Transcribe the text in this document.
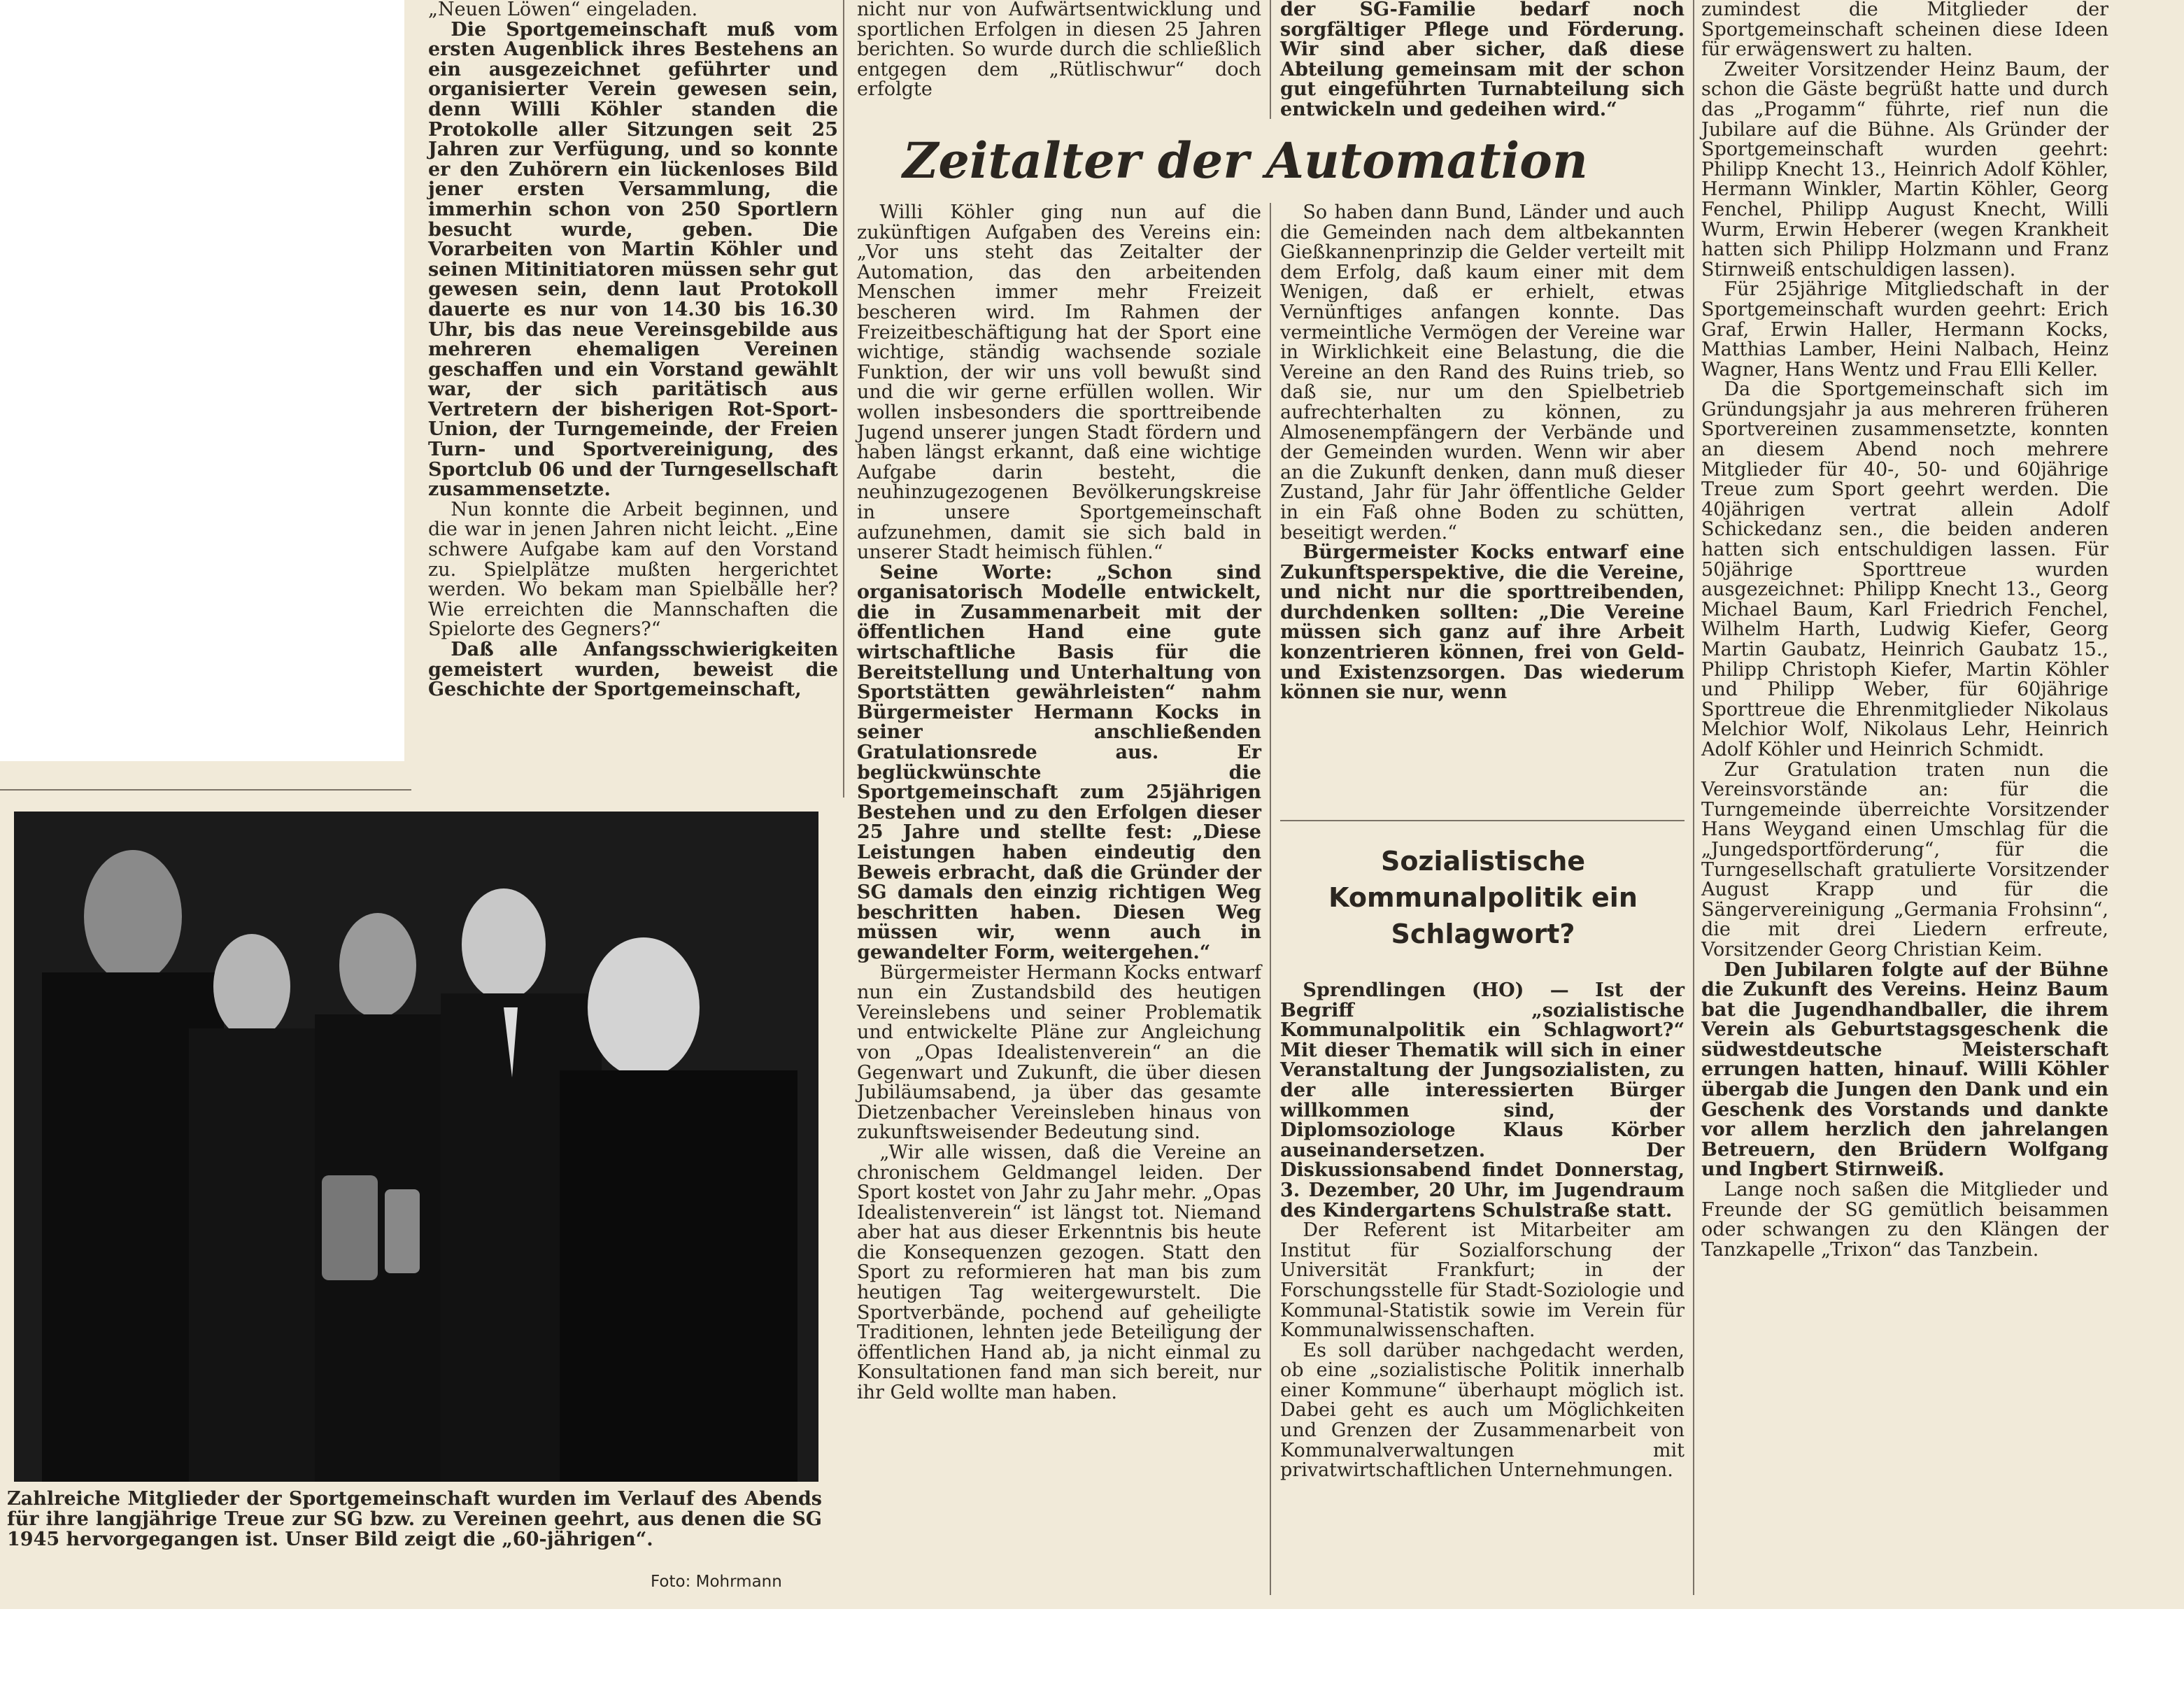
„Neuen Löwen“ eingeladen.

Die Sportgemeinschaft muß vom ersten Augenblick ihres Bestehens an ein ausgezeichnet geführter und organisierter Verein gewesen sein, denn Willi Köhler standen die Protokolle aller Sitzungen seit 25 Jahren zur Verfügung, und so konnte er den Zuhörern ein lückenloses Bild jener ersten Versammlung, die immerhin schon von 250 Sportlern besucht wurde, geben. Die Vorarbeiten von Martin Köhler und seinen Mitinitiatoren müssen sehr gut gewesen sein, denn laut Protokoll dauerte es nur von 14.30 bis 16.30 Uhr, bis das neue Vereinsgebilde aus mehreren ehemaligen Vereinen geschaffen und ein Vorstand gewählt war, der sich paritätisch aus Vertretern der bisherigen Rot-Sport-Union, der Turngemeinde, der Freien Turn- und Sportvereinigung, des Sportclub 06 und der Turngesellschaft zusammensetzte.

Nun konnte die Arbeit beginnen, und die war in jenen Jahren nicht leicht. „Eine schwere Aufgabe kam auf den Vorstand zu. Spielplätze mußten hergerichtet werden. Wo bekam man Spielbälle her? Wie erreichten die Mannschaften die Spielorte des Gegners?“

Daß alle Anfangsschwierigkeiten gemeistert wurden, beweist die Geschichte der Sportgemeinschaft,

Zahlreiche Mitglieder der Sportgemeinschaft wurden im Verlauf des Abends für ihre langjährige Treue zur SG bzw. zu Vereinen geehrt, aus denen die SG 1945 hervorgegangen ist. Unser Bild zeigt die „60-jährigen“.
Foto: Mohrmann

nicht nur von Aufwärtsentwicklung und sportlichen Erfolgen in diesen 25 Jahren berichten. So wurde durch die schließlich entgegen dem „Rütlischwur“ doch erfolgte

der SG-Familie bedarf noch sorgfältiger Pflege und Förderung. Wir sind aber sicher, daß diese Abteilung gemeinsam mit der schon gut eingeführten Turnabteilung sich entwickeln und gedeihen wird.“

Zeitalter der Automation

Willi Köhler ging nun auf die zukünftigen Aufgaben des Vereins ein: „Vor uns steht das Zeitalter der Automation, das den arbeitenden Menschen immer mehr Freizeit bescheren wird. Im Rahmen der Freizeitbeschäftigung hat der Sport eine wichtige, ständig wachsende soziale Funktion, der wir uns voll bewußt sind und die wir gerne erfüllen wollen. Wir wollen insbesonders die sporttreibende Jugend unserer jungen Stadt fördern und haben längst erkannt, daß eine wichtige Aufgabe darin besteht, die neuhinzugezogenen Bevölkerungskreise in unsere Sportgemeinschaft aufzunehmen, damit sie sich bald in unserer Stadt heimisch fühlen.“

Seine Worte: „Schon sind organisatorisch Modelle entwickelt, die in Zusammenarbeit mit der öffentlichen Hand eine gute wirtschaftliche Basis für die Bereitstellung und Unterhaltung von Sportstätten gewährleisten“ nahm Bürgermeister Hermann Kocks in seiner anschließenden Gratulationsrede aus. Er beglückwünschte die Sportgemeinschaft zum 25jährigen Bestehen und zu den Erfolgen dieser 25 Jahre und stellte fest: „Diese Leistungen haben eindeutig den Beweis erbracht, daß die Gründer der SG damals den einzig richtigen Weg beschritten haben. Diesen Weg müssen wir, wenn auch in gewandelter Form, weitergehen.“

Bürgermeister Hermann Kocks entwarf nun ein Zustandsbild des heutigen Vereinslebens und seiner Problematik und entwickelte Pläne zur Angleichung von „Opas Idealistenverein“ an die Gegenwart und Zukunft, die über diesen Jubiläumsabend, ja über das gesamte Dietzenbacher Vereinsleben hinaus von zukunftsweisender Bedeutung sind.

„Wir alle wissen, daß die Vereine an chronischem Geldmangel leiden. Der Sport kostet von Jahr zu Jahr mehr. „Opas Idealistenverein“ ist längst tot. Niemand aber hat aus dieser Erkenntnis bis heute die Konsequenzen gezogen. Statt den Sport zu reformieren hat man bis zum heutigen Tag weitergewurstelt. Die Sportverbände, pochend auf geheiligte Traditionen, lehnten jede Beteiligung der öffentlichen Hand ab, ja nicht einmal zu Konsultationen fand man sich bereit, nur ihr Geld wollte man haben.

So haben dann Bund, Länder und auch die Gemeinden nach dem altbekannten Gießkannenprinzip die Gelder verteilt mit dem Erfolg, daß kaum einer mit dem Wenigen, daß er erhielt, etwas Vernünftiges anfangen konnte. Das vermeintliche Vermögen der Vereine war in Wirklichkeit eine Belastung, die die Vereine an den Rand des Ruins trieb, so daß sie, nur um den Spielbetrieb aufrechterhalten zu können, zu Almosenempfängern der Verbände und der Gemeinden wurden. Wenn wir aber an die Zukunft denken, dann muß dieser Zustand, Jahr für Jahr öffentliche Gelder in ein Faß ohne Boden zu schütten, beseitigt werden.“

Bürgermeister Kocks entwarf eine Zukunftsperspektive, die die Vereine, und nicht nur die sporttreibenden, durchdenken sollten: „Die Vereine müssen sich ganz auf ihre Arbeit konzentrieren können, frei von Geld- und Existenzsorgen. Das wiederum können sie nur, wenn

Sozialistische Kommunalpolitik ein Schlagwort?

Sprendlingen (HO) — Ist der Begriff „sozialistische Kommunalpolitik ein Schlagwort?“ Mit dieser Thematik will sich in einer Veranstaltung der Jungsozialisten, zu der alle interessierten Bürger willkommen sind, der Diplomsoziologe Klaus Körber auseinandersetzen. Der Diskussionsabend findet Donnerstag, 3. Dezember, 20 Uhr, im Jugendraum des Kindergartens Schulstraße statt.

Der Referent ist Mitarbeiter am Institut für Sozialforschung der Universität Frankfurt; in der Forschungsstelle für Stadt-Soziologie und Kommunal-Statistik sowie im Verein für Kommunalwissenschaften.

Es soll darüber nachgedacht werden, ob eine „sozialistische Politik innerhalb einer Kommune“ überhaupt möglich ist. Dabei geht es auch um Möglichkeiten und Grenzen der Zusammenarbeit von Kommunalverwaltungen mit privatwirtschaftlichen Unternehmungen.

zumindest die Mitglieder der Sportgemeinschaft scheinen diese Ideen für erwägenswert zu halten.

Zweiter Vorsitzender Heinz Baum, der schon die Gäste begrüßt hatte und durch das „Progamm“ führte, rief nun die Jubilare auf die Bühne. Als Gründer der Sportgemeinschaft wurden geehrt: Philipp Knecht 13., Heinrich Adolf Köhler, Hermann Winkler, Martin Köhler, Georg Fenchel, Philipp August Knecht, Willi Wurm, Erwin Heberer (wegen Krankheit hatten sich Philipp Holzmann und Franz Stirnweiß entschuldigen lassen).

Für 25jährige Mitgliedschaft in der Sportgemeinschaft wurden geehrt: Erich Graf, Erwin Haller, Hermann Kocks, Matthias Lamber, Heini Nalbach, Heinz Wagner, Hans Wentz und Frau Elli Keller.

Da die Sportgemeinschaft sich im Gründungsjahr ja aus mehreren früheren Sportvereinen zusammensetzte, konnten an diesem Abend noch mehrere Mitglieder für 40-, 50- und 60jährige Treue zum Sport geehrt werden. Die 40jährigen vertrat allein Adolf Schickedanz sen., die beiden anderen hatten sich entschuldigen lassen. Für 50jährige Sporttreue wurden ausgezeichnet: Philipp Knecht 13., Georg Michael Baum, Karl Friedrich Fenchel, Wilhelm Harth, Ludwig Kiefer, Georg Martin Gaubatz, Heinrich Gaubatz 15., Philipp Christoph Kiefer, Martin Köhler und Philipp Weber, für 60jährige Sporttreue die Ehrenmitglieder Nikolaus Melchior Wolf, Nikolaus Lehr, Heinrich Adolf Köhler und Heinrich Schmidt.

Zur Gratulation traten nun die Vereinsvorstände an: für die Turngemeinde überreichte Vorsitzender Hans Weygand einen Umschlag für die „Jungedsportförderung“, für die Turngesellschaft gratulierte Vorsitzender August Krapp und für die Sängervereinigung „Germania Frohsinn“, die mit drei Liedern erfreute, Vorsitzender Georg Christian Keim.

Den Jubilaren folgte auf der Bühne die Zukunft des Vereins. Heinz Baum bat die Jugendhandballer, die ihrem Verein als Geburtstagsgeschenk die südwestdeutsche Meisterschaft errungen hatten, hinauf. Willi Köhler übergab die Jungen den Dank und ein Geschenk des Vorstands und dankte vor allem herzlich den jahrelangen Betreuern, den Brüdern Wolfgang und Ingbert Stirnweiß.

Lange noch saßen die Mitglieder und Freunde der SG gemütlich beisammen oder schwangen zu den Klängen der Tanzkapelle „Trixon“ das Tanzbein.
